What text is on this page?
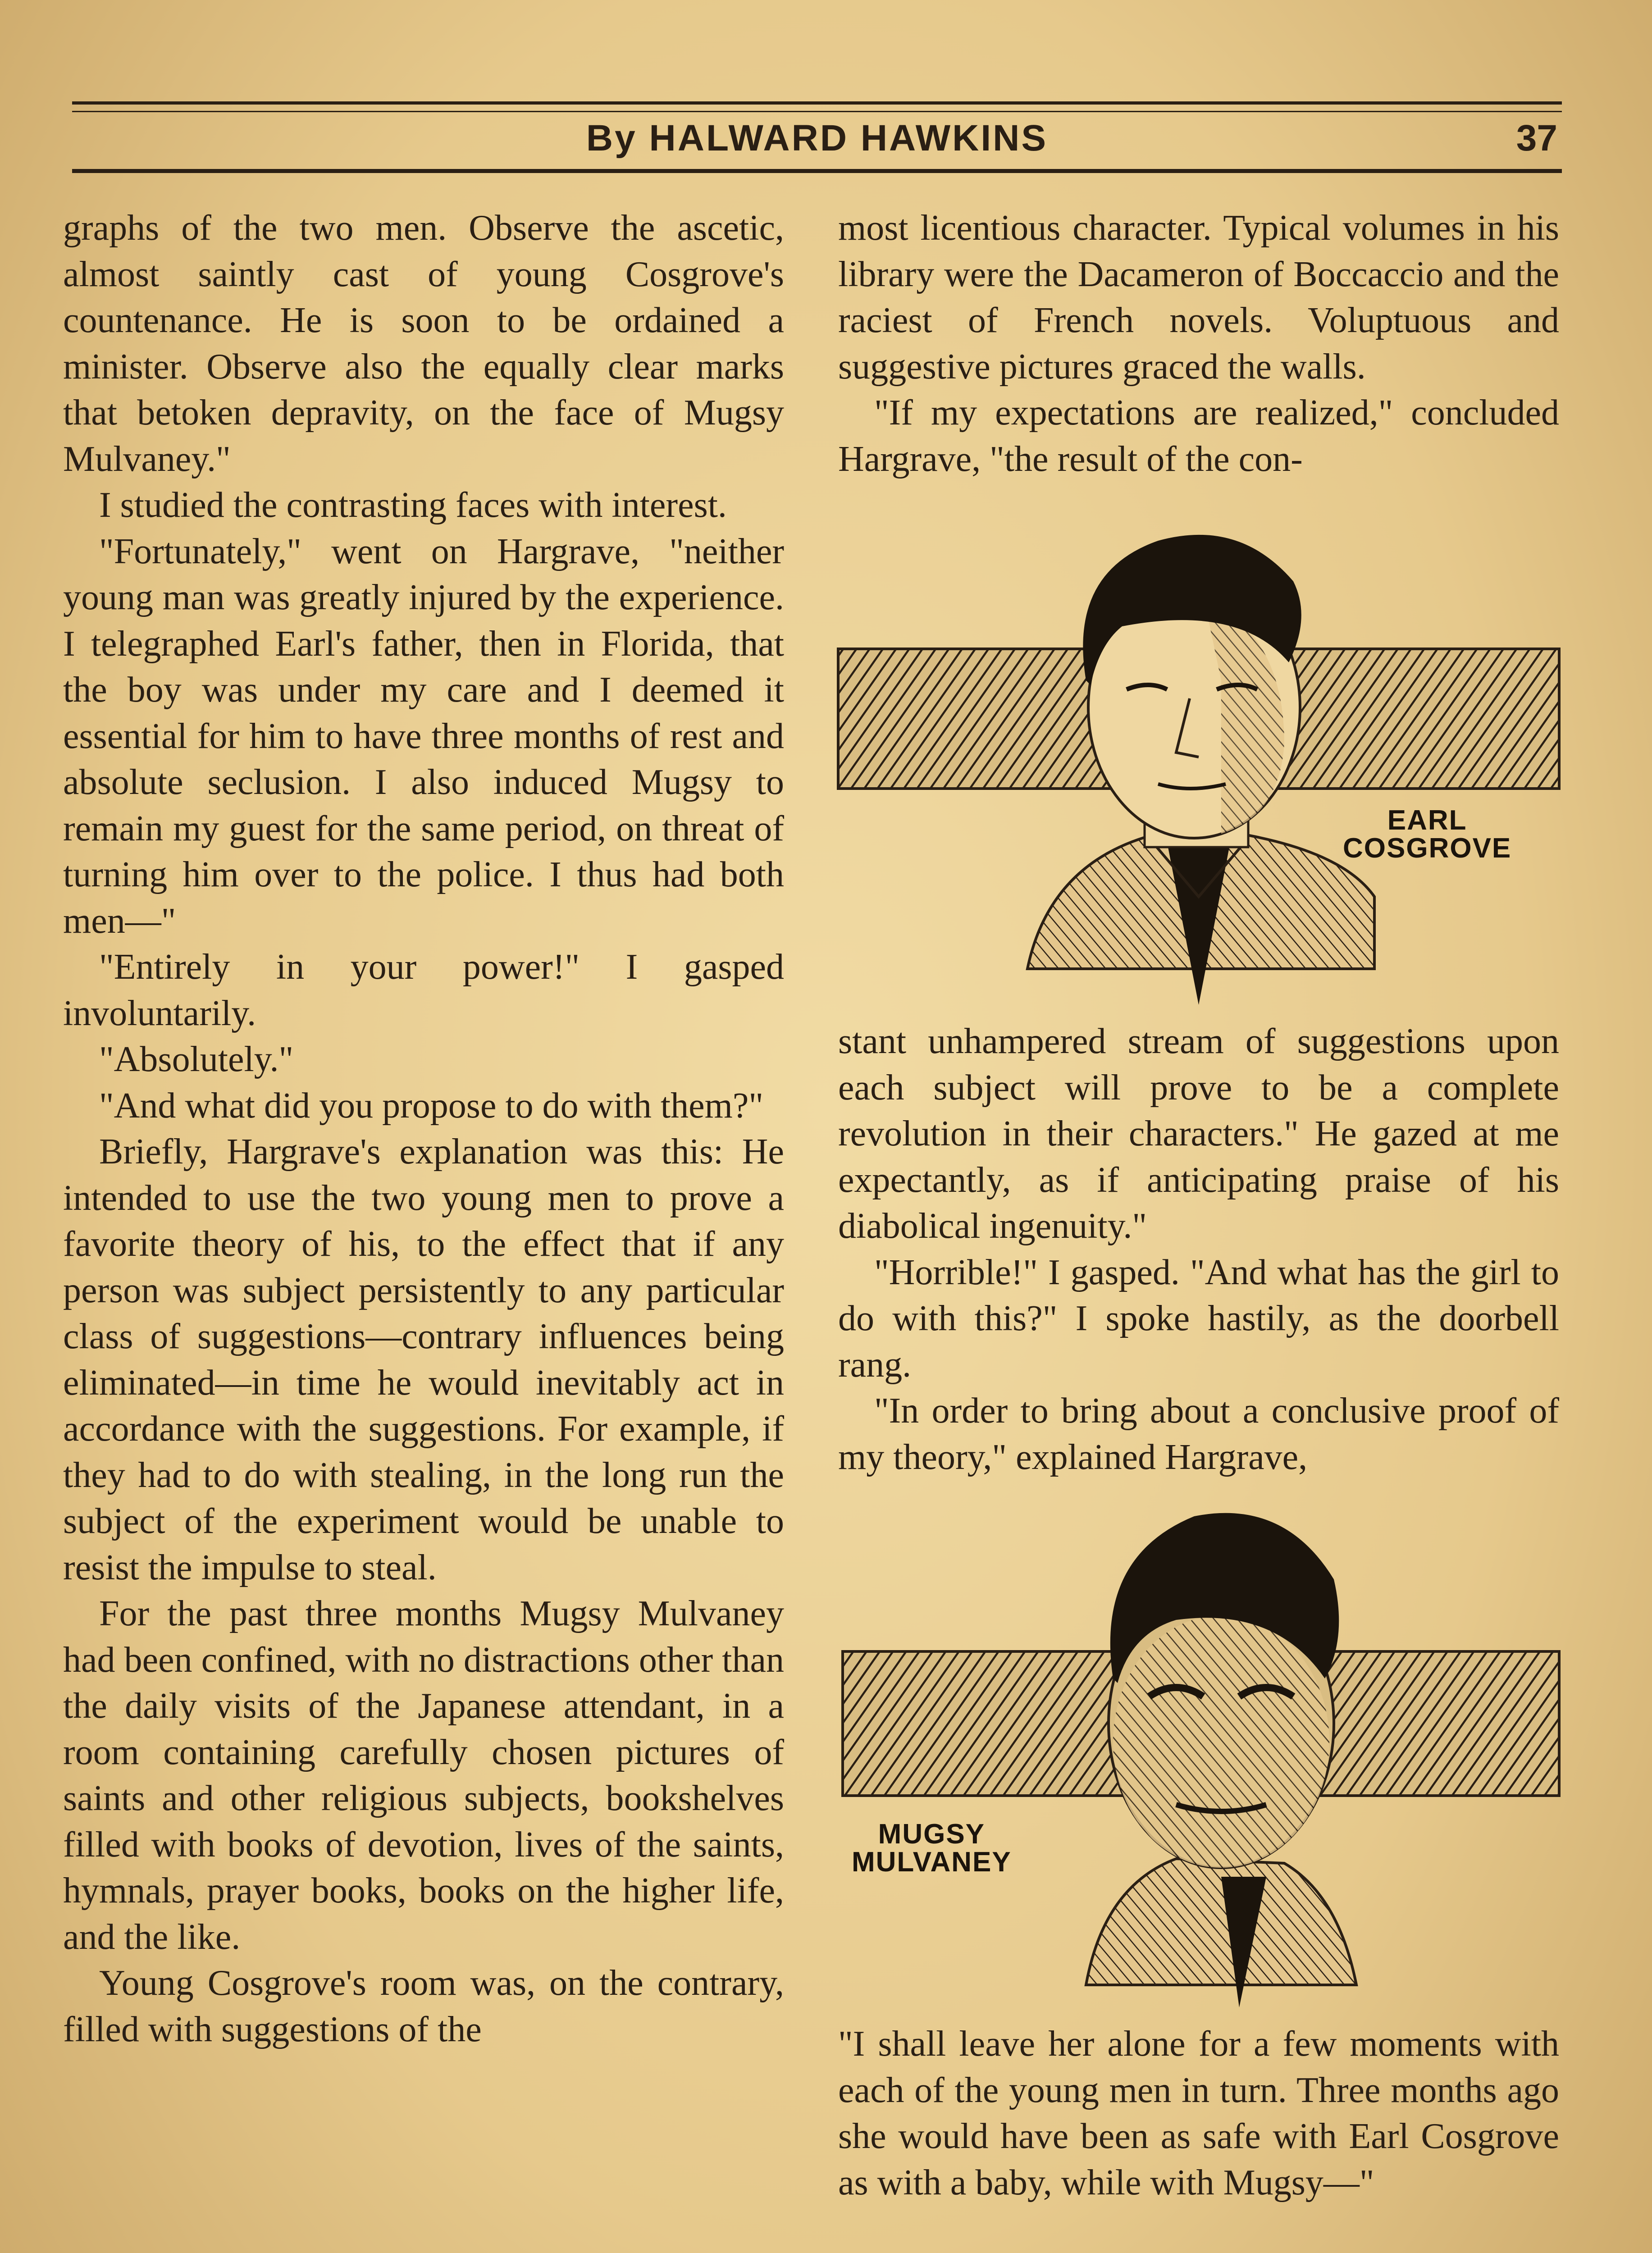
By HALWARD HAWKINS	37

graphs of the two men. Observe the ascetic, almost saintly cast of young Cosgrove's countenance. He is soon to be ordained a minister. Observe also the equally clear marks that betoken depravity, on the face of Mugsy Mulvaney."

I studied the contrasting faces with interest.

"Fortunately," went on Hargrave, "neither young man was greatly injured by the experience. I telegraphed Earl's father, then in Florida, that the boy was under my care and I deemed it essential for him to have three months of rest and absolute seclusion. I also induced Mugsy to remain my guest for the same period, on threat of turning him over to the police. I thus had both men—"

"Entirely in your power!" I gasped involuntarily.

"Absolutely."

"And what did you propose to do with them?"

Briefly, Hargrave's explanation was this: He intended to use the two young men to prove a favorite theory of his, to the effect that if any person was subject persistently to any particular class of suggestions—contrary influences being eliminated—in time he would inevitably act in accordance with the suggestions. For example, if they had to do with stealing, in the long run the subject of the experiment would be unable to resist the impulse to steal.

For the past three months Mugsy Mulvaney had been confined, with no distractions other than the daily visits of the Japanese attendant, in a room containing carefully chosen pictures of saints and other religious subjects, bookshelves filled with books of devotion, lives of the saints, hymnals, prayer books, books on the higher life, and the like.

Young Cosgrove's room was, on the contrary, filled with suggestions of the

most licentious character. Typical volumes in his library were the Dacameron of Boccaccio and the raciest of French novels. Voluptuous and suggestive pictures graced the walls.

"If my expectations are realized," concluded Hargrave, "the result of the con-

EARL
COSGROVE

stant unhampered stream of suggestions upon each subject will prove to be a complete revolution in their characters." He gazed at me expectantly, as if anticipating praise of his diabolical ingenuity."

"Horrible!" I gasped. "And what has the girl to do with this?" I spoke hastily, as the doorbell rang.

"In order to bring about a conclusive proof of my theory," explained Hargrave,

MUGSY
MULVANEY

"I shall leave her alone for a few moments with each of the young men in turn. Three months ago she would have been as safe with Earl Cosgrove as with a baby, while with Mugsy—"
